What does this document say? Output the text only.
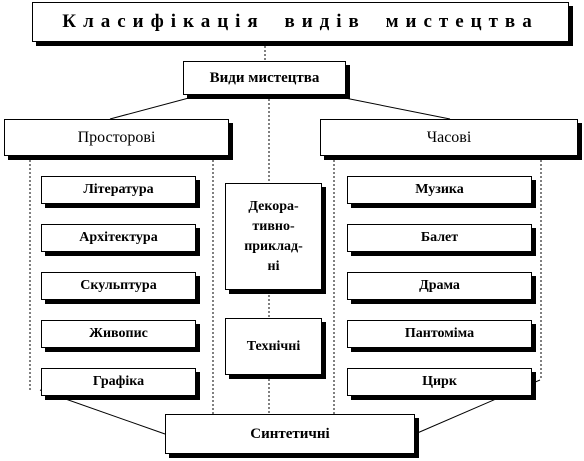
Класифікація видів мистецтва
Види мистецтва
Просторові	Часові
Література
Архітектура
Скульптура
Живопис
Графіка
Музика
Балет
Драма
Пантоміма
Цирк
Декора-
тивно-
приклад-
ні
Технічні
Синтетичні
